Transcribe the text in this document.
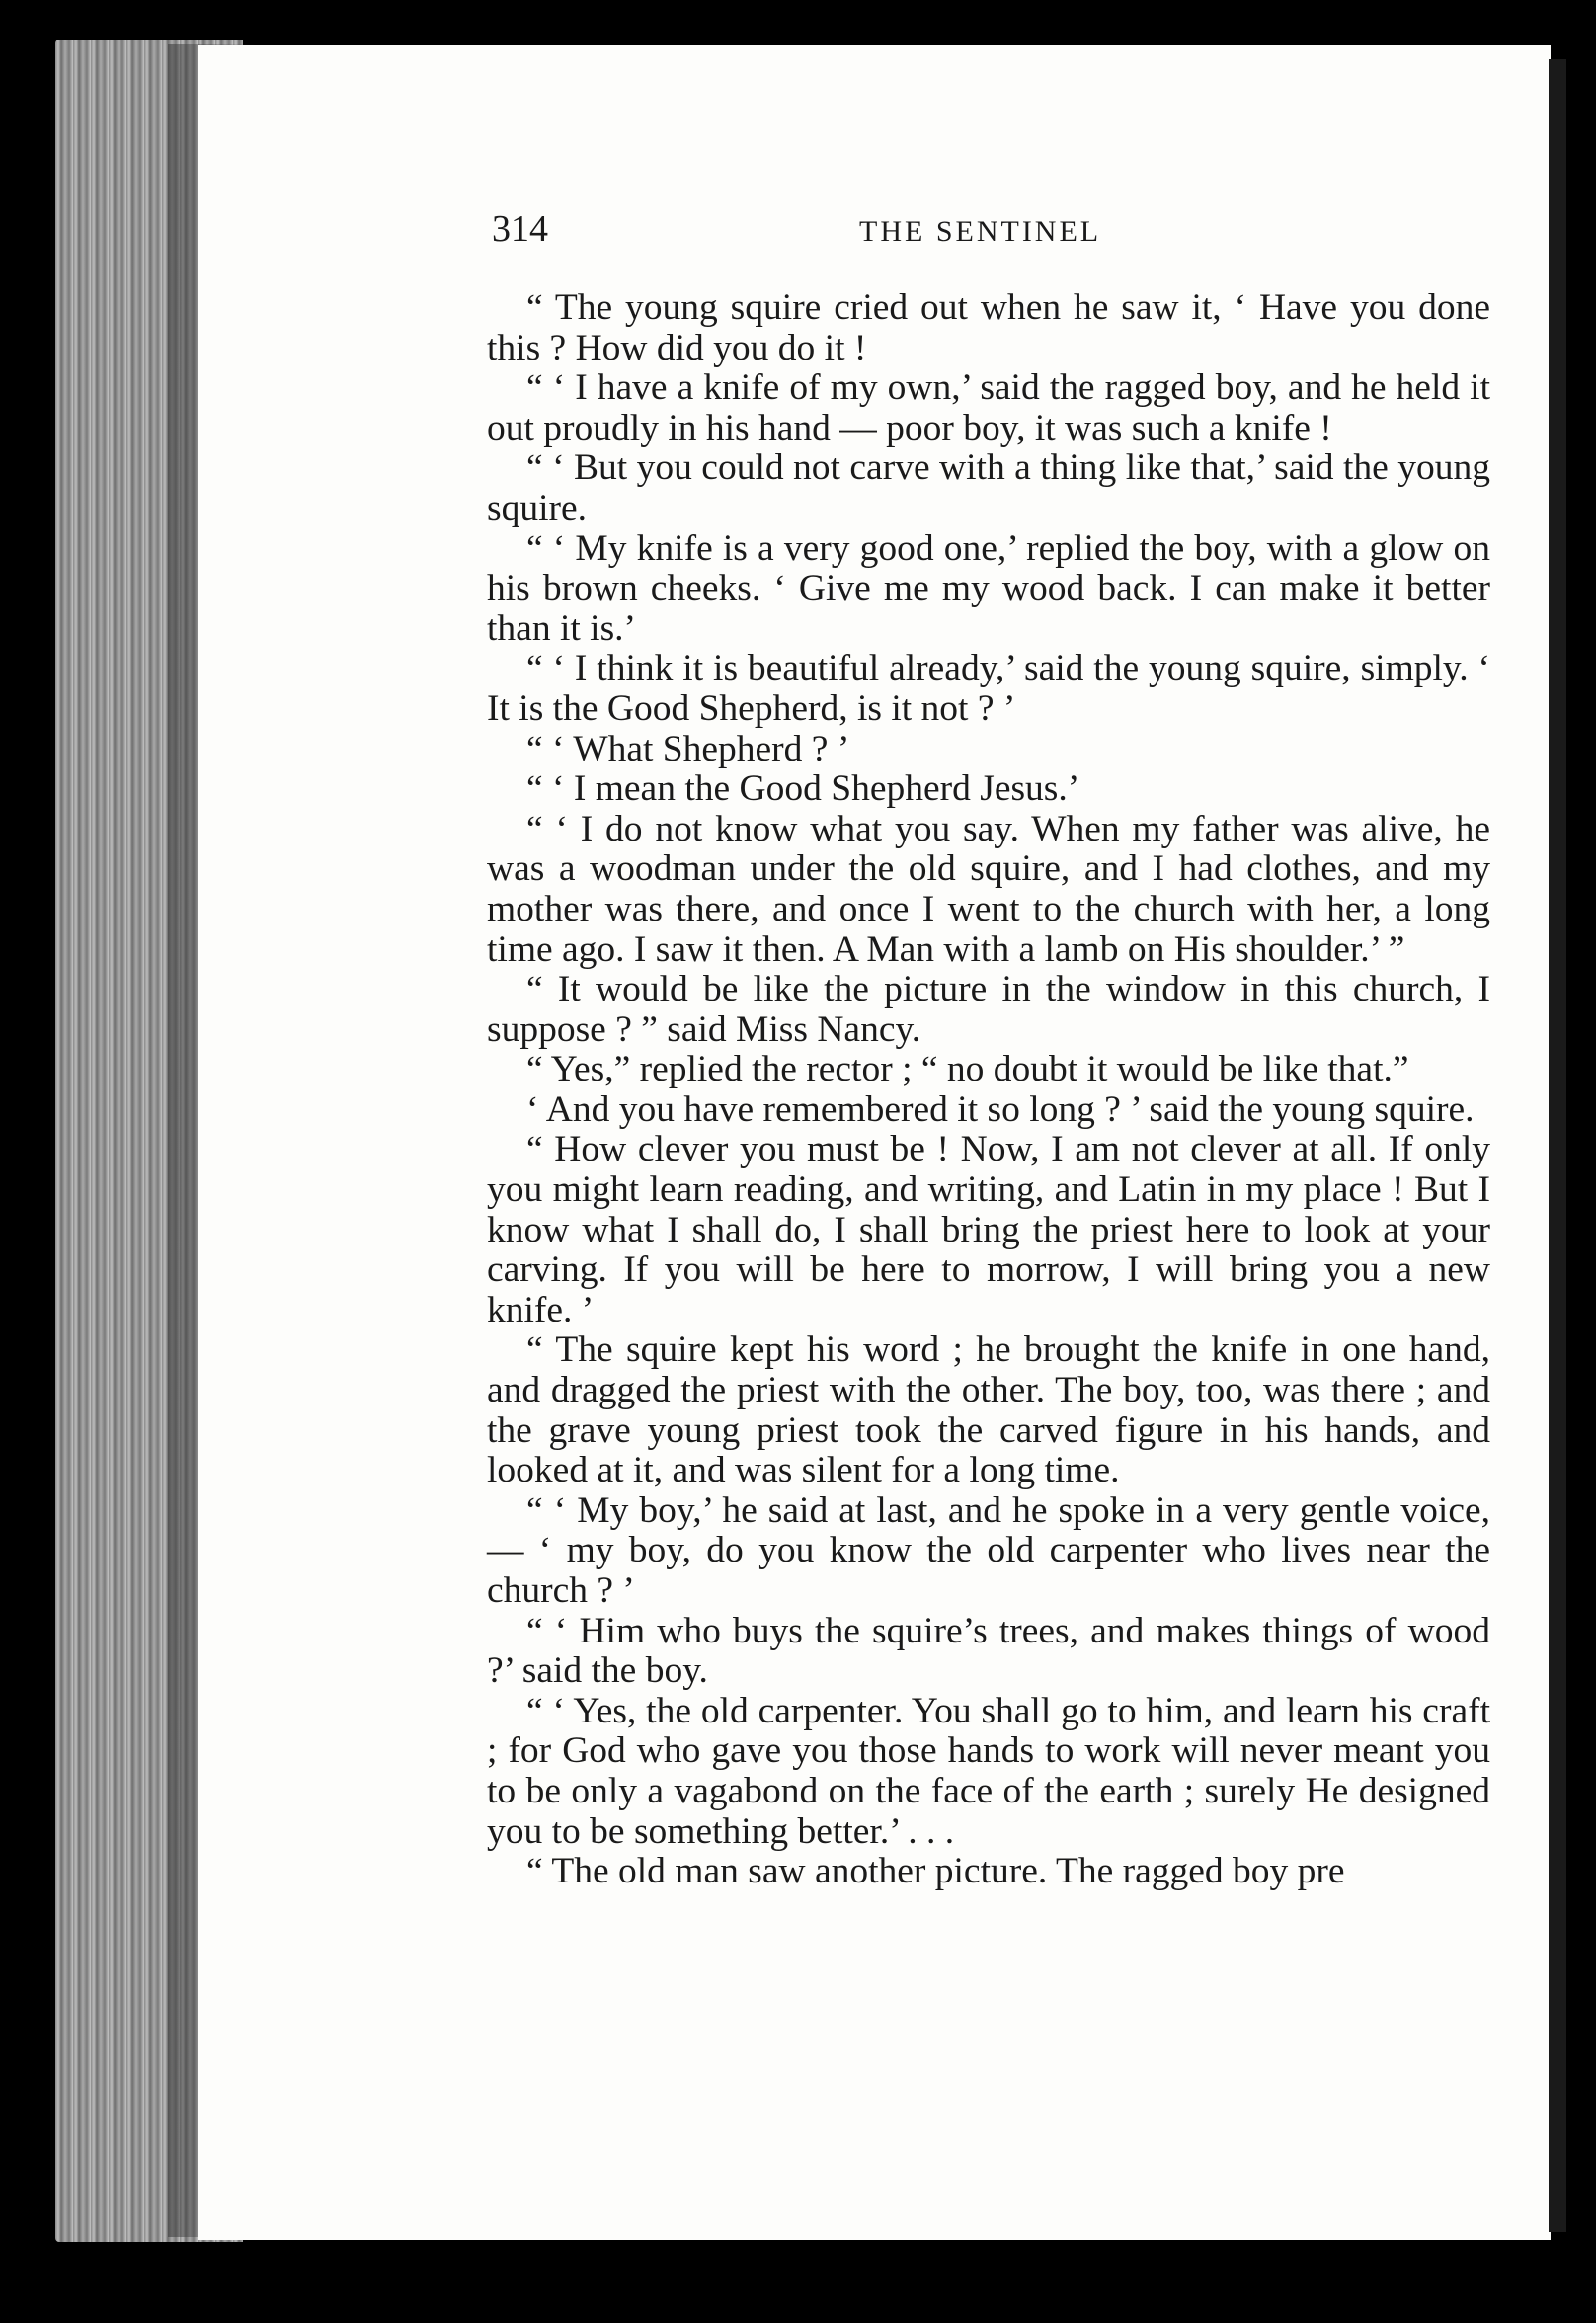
314	THE SENTINEL

“ The young squire cried out when he saw it, ‘ Have you done this ? How did you do it !

“ ‘ I have a knife of my own,’ said the ragged boy, and he held it out proudly in his hand — poor boy, it was such a knife !

“ ‘ But you could not carve with a thing like that,’ said the young squire.

“ ‘ My knife is a very good one,’ replied the boy, with a glow on his brown cheeks. ‘ Give me my wood back. I can make it better than it is.’

“ ‘ I think it is beautiful already,’ said the young squire, simply. ‘ It is the Good Shepherd, is it not ? ’

“ ‘ What Shepherd ? ’

“ ‘ I mean the Good Shepherd Jesus.’

“ ‘ I do not know what you say. When my father was alive, he was a woodman under the old squire, and I had clothes, and my mother was there, and once I went to the church with her, a long time ago. I saw it then. A Man with a lamb on His shoulder.’ ”

“ It would be like the picture in the window in this church, I suppose ? ” said Miss Nancy.

“ Yes,” replied the rector ; “ no doubt it would be like that.”

‘ And you have remembered it so long ? ’ said the young squire.

“ How clever you must be ! Now, I am not clever at all. If only you might learn reading, and writing, and Latin in my place ! But I know what I shall do, I shall bring the priest here to look at your carving. If you will be here to morrow, I will bring you a new knife. ’

“ The squire kept his word ; he brought the knife in one hand, and dragged the priest with the other. The boy, too, was there ; and the grave young priest took the carved figure in his hands, and looked at it, and was silent for a long time.

“ ‘ My boy,’ he said at last, and he spoke in a very gentle voice, — ‘ my boy, do you know the old carpenter who lives near the church ? ’

“ ‘ Him who buys the squire’s trees, and makes things of wood ?’ said the boy.

“ ‘ Yes, the old carpenter. You shall go to him, and learn his craft ; for God who gave you those hands to work will never meant you to be only a vagabond on the face of the earth ; surely He designed you to be something better.’ . . .

“ The old man saw another picture. The ragged boy pre
